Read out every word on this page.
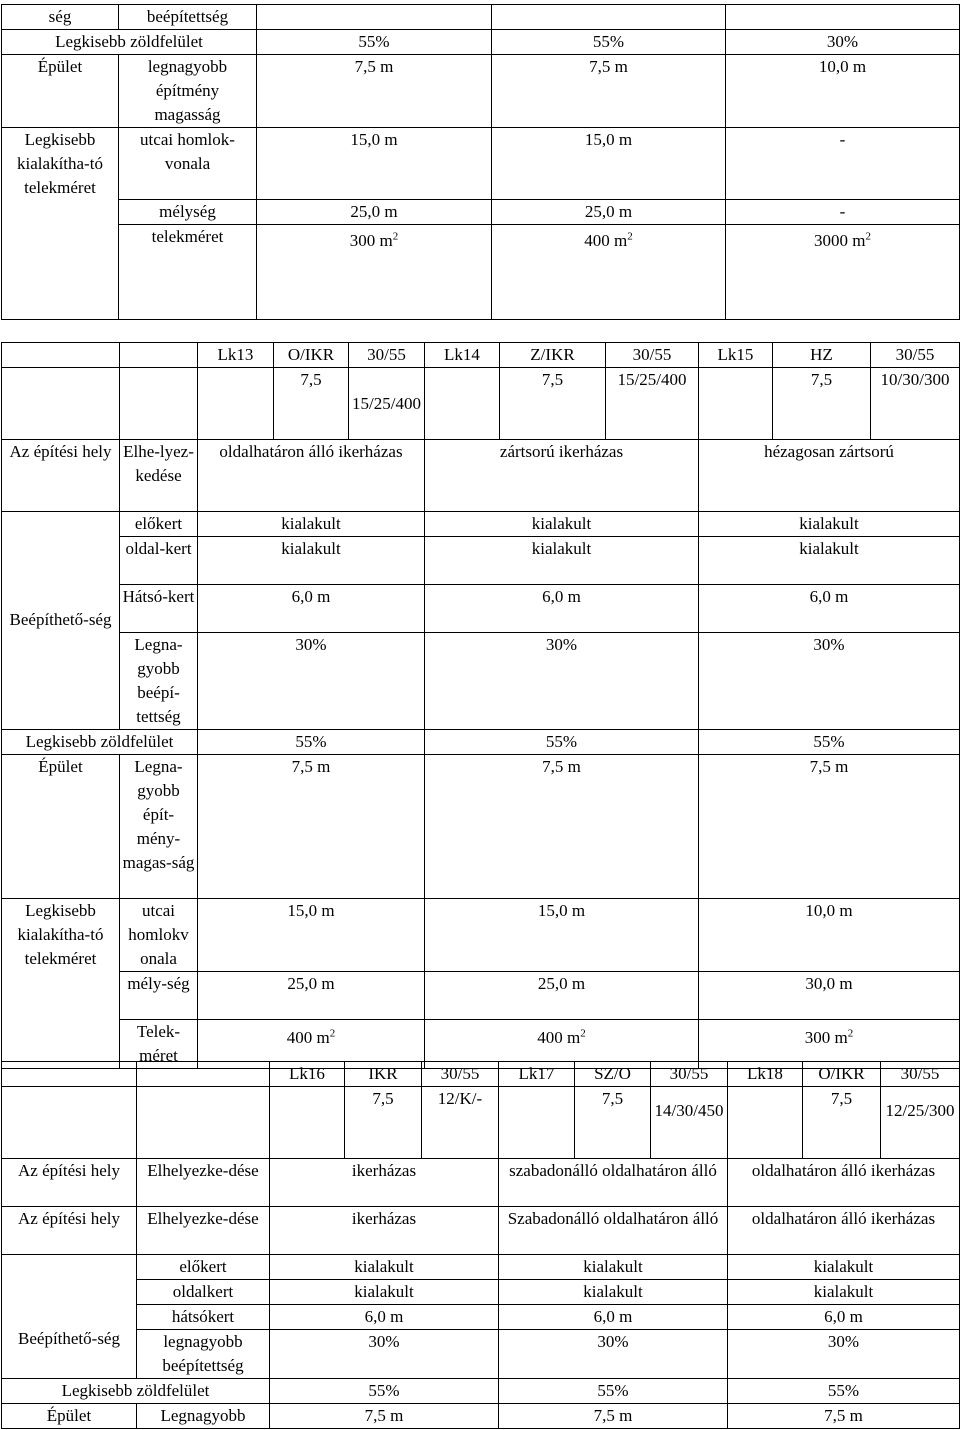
ség	beépítettség			
Legkisebb zöldfelület		55%	55%	30%
Épület	legnagyobb építmény magasság	7,5 m	7,5 m	10,0 m
Legkisebb kialakítha-tó telekméret	utcai homlok-vonala	15,0 m	15,0 m	-
	mélység	25,0 m	25,0 m	-
	telekméret	300 $m^2$	400 $m^2$	3000 $m^2$
		Lk13	O/IKR	30/55	Lk14	Z/IKR	30/55	Lk15	HZ	30/55
			7,5	15/25/400		7,5	15/25/400		7,5	10/30/300
Az építési hely	Elhe-lyez-kedése	oldalhatáron álló ikerházas			zártsorú ikerházas			hézagosan zártsorú		
Beépíthető-ség	előkert	kialakult			kialakult			kialakult		
	oldal-kert	kialakult			kialakult			kialakult		
	Hátsó-kert	6,0 m			6,0 m			6,0 m		
	Legna-gyobb beépí-tettség	30%			30%			30%		
Legkisebb zöldfelület		55%			55%			55%		
Épület	Legna-gyobb épít-mény-magas-ság	7,5 m			7,5 m			7,5 m		
Legkisebb kialakítha-tó telekméret	utcai homlokv onala	15,0 m			15,0 m			10,0 m		
	mély-ség	25,0 m			25,0 m			30,0 m		
	Telek-méret	400 $m^2$			400 $m^2$			300 $m^2$
		Lk16	IKR	30/55	Lk17	SZ/O	30/55	Lk18	O/IKR	30/55
			7,5	12/K/-		7,5	14/30/450		7,5	12/25/300
Az építési hely	Elhelyezke-dése	ikerházas			szabadonálló oldalhatáron álló			oldalhatáron álló ikerházas		
Az építési hely	Elhelyezke-dése	ikerházas			Szabadonálló oldalhatáron álló			oldalhatáron álló ikerházas		
Beépíthető-ség	előkert	kialakult			kialakult			kialakult		
	oldalkert	kialakult			kialakult			kialakult		
	hátsókert	6,0 m			6,0 m			6,0 m		
	legnagyobb beépítettség	30%			30%			30%		
Legkisebb zöldfelület		55%			55%			55%		
Épület	Legnagyobb	7,5 m			7,5 m			7,5 m		
